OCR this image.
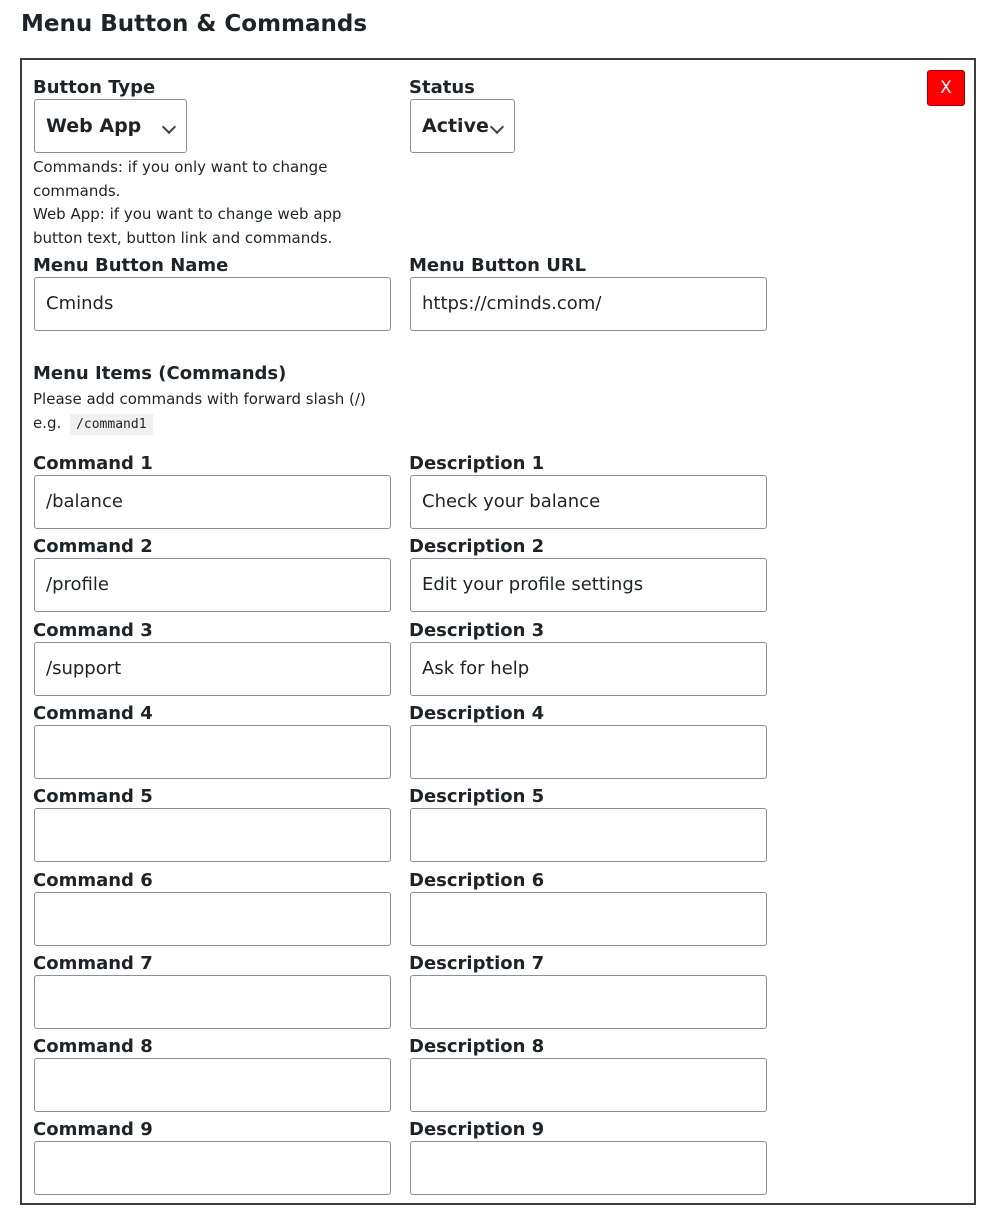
Menu Button & Commands
X
Button Type
Web App
Status
Active

Commands: if you only want to change commands.

Web App: if you want to change web app button text, button link and commands.

Menu Button Name
Cminds
Menu Button URL
https://cminds.com/
Menu Items (Commands)
Please add commands with forward slash (/)
e.g. /command1
Command 1
/balance
Description 1
Check your balance
Command 2
/profile
Description 2
Edit your profile settings
Command 3
/support
Description 3
Ask for help
Command 4	Description 4
Command 5	Description 5
Command 6	Description 6
Command 7	Description 7
Command 8	Description 8
Command 9	Description 9
